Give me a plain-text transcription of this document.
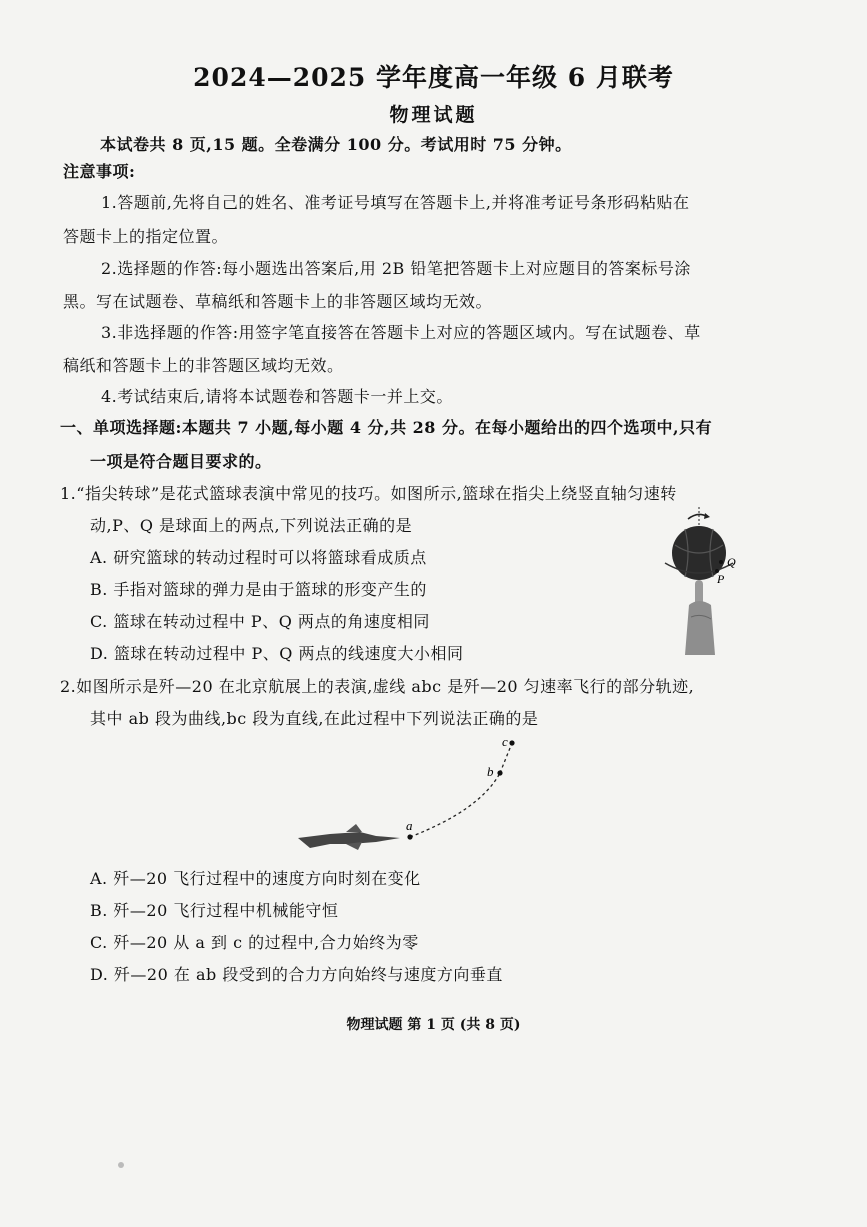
2024—2025 学年度高一年级 6 月联考
物理试题
本试卷共 8 页,15 题。全卷满分 100 分。考试用时 75 分钟。
注意事项:
1.答题前,先将自己的姓名、准考证号填写在答题卡上,并将准考证号条形码粘贴在
答题卡上的指定位置。
2.选择题的作答:每小题选出答案后,用 2B 铅笔把答题卡上对应题目的答案标号涂
黑。写在试题卷、草稿纸和答题卡上的非答题区域均无效。
3.非选择题的作答:用签字笔直接答在答题卡上对应的答题区域内。写在试题卷、草
稿纸和答题卡上的非答题区域均无效。
4.考试结束后,请将本试题卷和答题卡一并上交。
一、单项选择题:本题共 7 小题,每小题 4 分,共 28 分。在每小题给出的四个选项中,只有
一项是符合题目要求的。
1.“指尖转球”是花式篮球表演中常见的技巧。如图所示,篮球在指尖上绕竖直轴匀速转
动,P、Q 是球面上的两点,下列说法正确的是
A. 研究篮球的转动过程时可以将篮球看成质点
B. 手指对篮球的弹力是由于篮球的形变产生的
C. 篮球在转动过程中 P、Q 两点的角速度相同
D. 篮球在转动过程中 P、Q 两点的线速度大小相同
Q
P
2.如图所示是歼—20 在北京航展上的表演,虚线 abc 是歼—20 匀速率飞行的部分轨迹,
其中 ab 段为曲线,bc 段为直线,在此过程中下列说法正确的是
a
b
c
A. 歼—20 飞行过程中的速度方向时刻在变化
B. 歼—20 飞行过程中机械能守恒
C. 歼—20 从 a 到 c 的过程中,合力始终为零
D. 歼—20 在 ab 段受到的合力方向始终与速度方向垂直
物理试题 第 1 页 (共 8 页)
